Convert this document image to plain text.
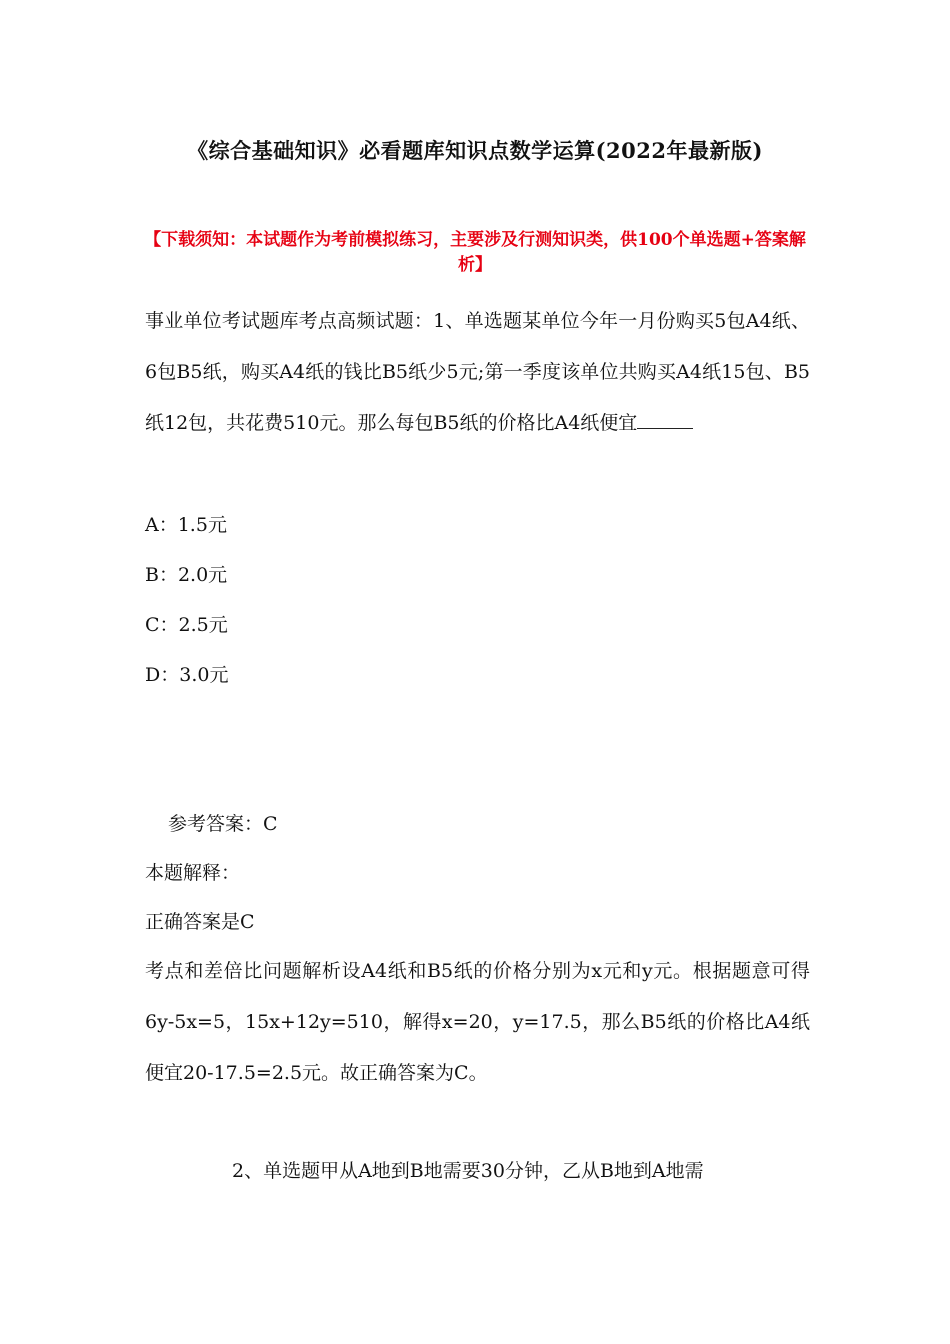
《综合基础知识》必看题库知识点数学运算(2022年最新版)
【下载须知：本试题作为考前模拟练习，主要涉及行测知识类，供100个单选题+答案解析】
事业单位考试题库考点高频试题：1、单选题某单位今年一月份购买5包A4纸、6包B5纸，购买A4纸的钱比B5纸少5元;第一季度该单位共购买A4纸15包、B5纸12包，共花费510元。那么每包B5纸的价格比A4纸便宜
A：1.5元
B：2.0元
C：2.5元
D：3.0元
参考答案：C
本题解释：
正确答案是C
考点和差倍比问题解析设A4纸和B5纸的价格分别为x元和y元。根据题意可得6y-5x=5，15x+12y=510，解得x=20，y=17.5，那么B5纸的价格比A4纸便宜20-17.5=2.5元。故正确答案为C。
2、单选题甲从A地到B地需要30分钟，乙从B地到A地需
